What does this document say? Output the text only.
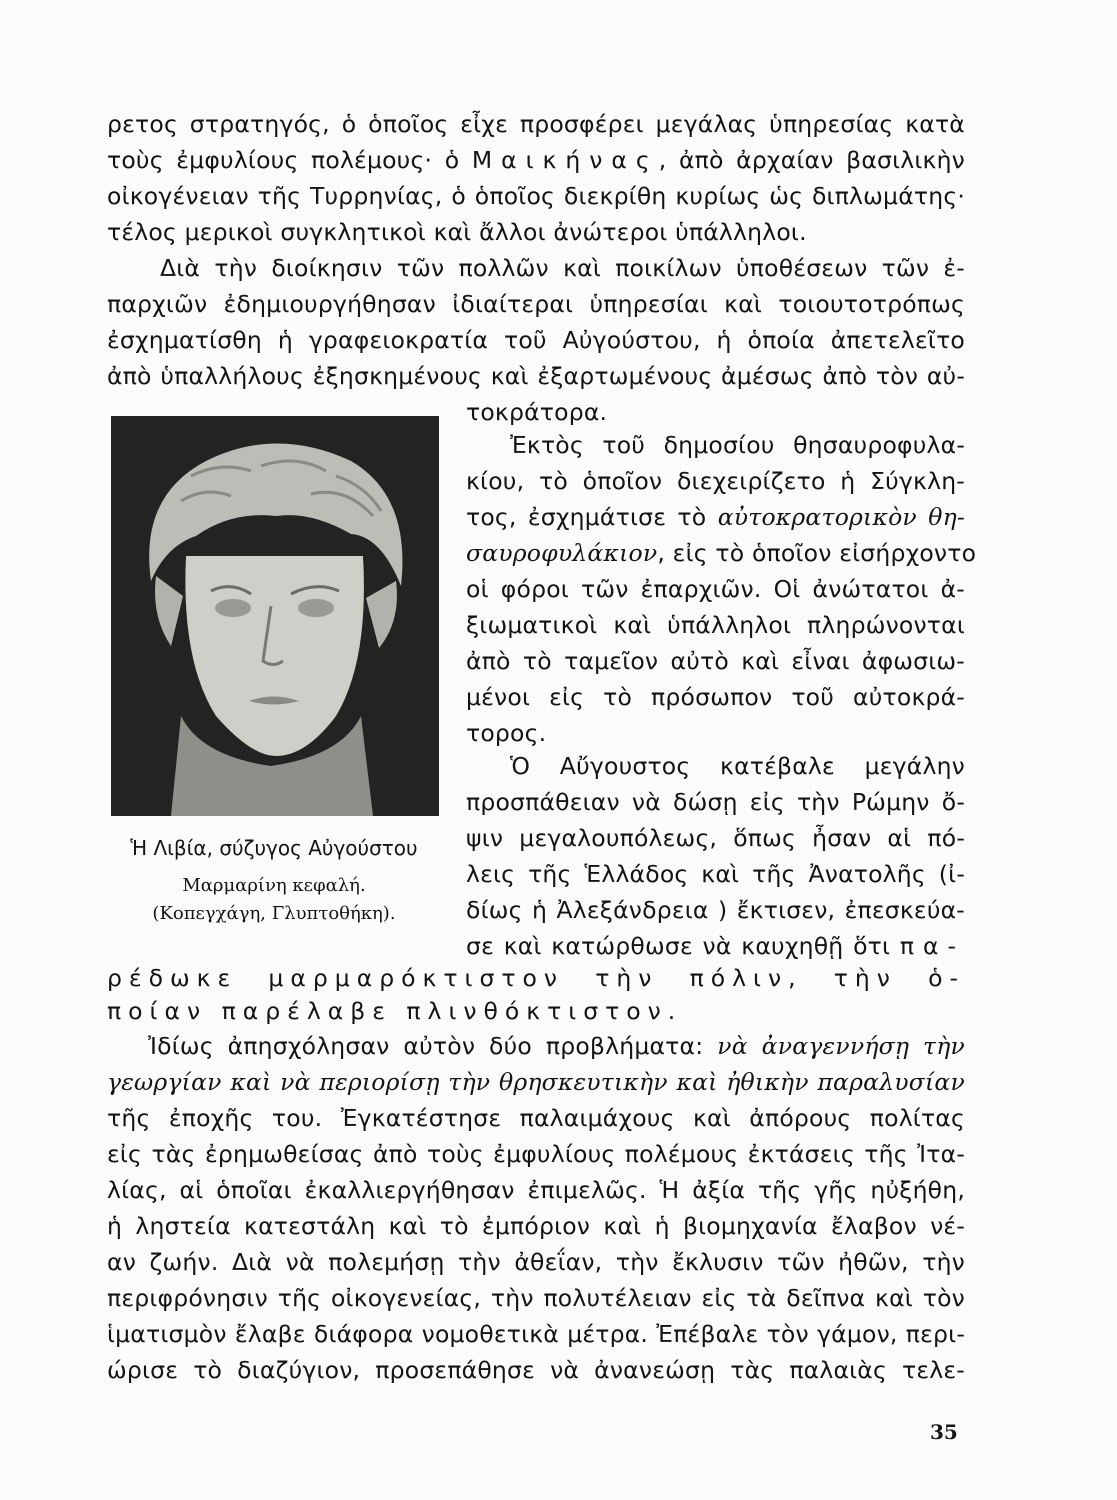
ρετος στρατηγός, ὁ ὁποῖος εἶχε προσφέρει μεγάλας ὑπηρεσίας κατὰ
τοὺς ἐμφυλίους πολέμους· ὁ Μαικήνας, ἀπὸ ἀρχαίαν βασιλικὴν
οἰκογένειαν τῆς Τυρρηνίας, ὁ ὁποῖος διεκρίθη κυρίως ὡς διπλωμάτης·
τέλος μερικοὶ συγκλητικοὶ καὶ ἄλλοι ἀνώτεροι ὑπάλληλοι.
Διὰ τὴν διοίκησιν τῶν πολλῶν καὶ ποικίλων ὑποθέσεων τῶν ἐ-
παρχιῶν ἐδημιουργήθησαν ἰδιαίτεραι ὑπηρεσίαι καὶ τοιουτοτρόπως
ἐσχηματίσθη ἡ γραφειοκρατία τοῦ Αὐγούστου, ἡ ὁποία ἀπετελεῖτο
ἀπὸ ὑπαλλήλους ἐξησκημένους καὶ ἐξαρτωμένους ἀμέσως ἀπὸ τὸν αὐ-
τοκράτορα.
Ἐκτὸς τοῦ δημοσίου θησαυροφυλα-
κίου, τὸ ὁποῖον διεχειρίζετο ἡ Σύγκλη-
τος, ἐσχημάτισε τὸ αὐτοκρατορικὸν θη-
σαυροφυλάκιον, εἰς τὸ ὁποῖον εἰσήρχοντο
οἱ φόροι τῶν ἐπαρχιῶν. Οἱ ἀνώτατοι ἀ-
ξιωματικοὶ καὶ ὑπάλληλοι πληρώνονται
ἀπὸ τὸ ταμεῖον αὐτὸ καὶ εἶναι ἀφωσιω-
μένοι εἰς τὸ πρόσωπον τοῦ αὐτοκρά-
τορος.
Ὁ Αὔγουστος κατέβαλε μεγάλην
προσπάθειαν νὰ δώσῃ εἰς τὴν Ρώμην ὄ-
ψιν μεγαλουπόλεως, ὅπως ἦσαν αἱ πό-
λεις τῆς Ἑλλάδος καὶ τῆς Ἀνατολῆς (ἰ-
δίως ἡ Ἀλεξάνδρεια ) ἔκτισεν, ἐπεσκεύα-
σε καὶ κατώρθωσε νὰ καυχηθῇ ὅτι πα-
Ἡ Λιβία, σύζυγος Αὐγούστου
Μαρμαρίνη κεφαλή.
(Κοπεγχάγη, Γλυπτοθήκη).
ρέδωκε μαρμαρόκτιστον τὴν πόλιν, τὴν ὁ-
ποίαν παρέλαβε πλινθόκτιστον.
Ἰδίως ἀπησχόλησαν αὐτὸν δύο προβλήματα: νὰ ἀναγεννήσῃ τὴν
γεωργίαν καὶ νὰ περιορίσῃ τὴν θρησκευτικὴν καὶ ἠθικὴν παραλυσίαν
τῆς ἐποχῆς του. Ἐγκατέστησε παλαιμάχους καὶ ἀπόρους πολίτας
εἰς τὰς ἐρημωθείσας ἀπὸ τοὺς ἐμφυλίους πολέμους ἐκτάσεις τῆς Ἰτα-
λίας, αἱ ὁποῖαι ἐκαλλιεργήθησαν ἐπιμελῶς. Ἡ ἀξία τῆς γῆς ηὐξήθη,
ἡ ληστεία κατεστάλη καὶ τὸ ἐμπόριον καὶ ἡ βιομηχανία ἔλαβον νέ-
αν ζωήν. Διὰ νὰ πολεμήσῃ τὴν ἀθεΐαν, τὴν ἔκλυσιν τῶν ἠθῶν, τὴν
περιφρόνησιν τῆς οἰκογενείας, τὴν πολυτέλειαν εἰς τὰ δεῖπνα καὶ τὸν
ἱματισμὸν ἔλαβε διάφορα νομοθετικὰ μέτρα. Ἐπέβαλε τὸν γάμον, περι-
ώρισε τὸ διαζύγιον, προσεπάθησε νὰ ἀνανεώσῃ τὰς παλαιὰς τελε-
35
